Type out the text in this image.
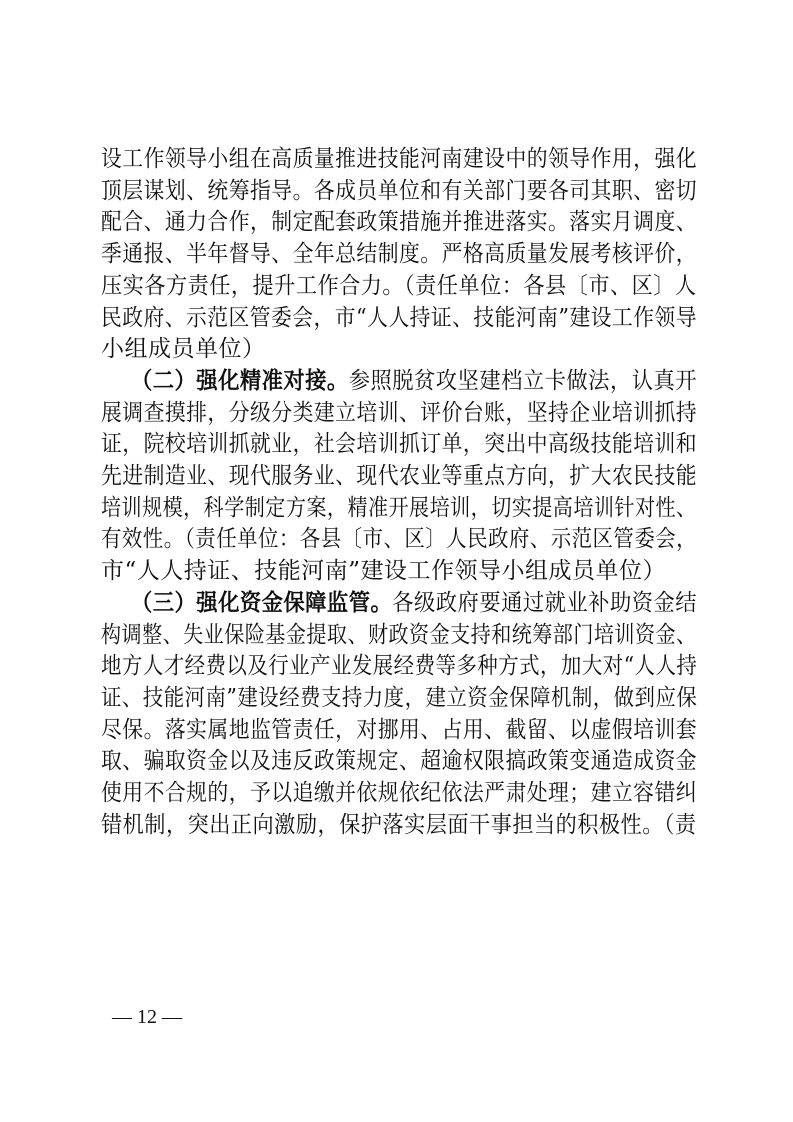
设工作领导小组在高质量推进技能河南建设中的领导作用，强化
顶层谋划、统筹指导。各成员单位和有关部门要各司其职、密切
配合、通力合作，制定配套政策措施并推进落实。落实月调度、
季通报、半年督导、全年总结制度。严格高质量发展考核评价，
压实各方责任，提升工作合力。（责任单位：各县〔市、区〕人
民政府、示范区管委会，市“人人持证、技能河南”建设工作领导
小组成员单位）
（二）强化精准对接。参照脱贫攻坚建档立卡做法，认真开
展调查摸排，分级分类建立培训、评价台账，坚持企业培训抓持
证，院校培训抓就业，社会培训抓订单，突出中高级技能培训和
先进制造业、现代服务业、现代农业等重点方向，扩大农民技能
培训规模，科学制定方案，精准开展培训，切实提高培训针对性、
有效性。（责任单位：各县〔市、区〕人民政府、示范区管委会，
市“人人持证、技能河南”建设工作领导小组成员单位）
（三）强化资金保障监管。各级政府要通过就业补助资金结
构调整、失业保险基金提取、财政资金支持和统筹部门培训资金、
地方人才经费以及行业产业发展经费等多种方式，加大对“人人持
证、技能河南”建设经费支持力度，建立资金保障机制，做到应保
尽保。落实属地监管责任，对挪用、占用、截留、以虚假培训套
取、骗取资金以及违反政策规定、超逾权限搞政策变通造成资金
使用不合规的，予以追缴并依规依纪依法严肃处理；建立容错纠
错机制，突出正向激励，保护落实层面干事担当的积极性。（责
— 12 —
